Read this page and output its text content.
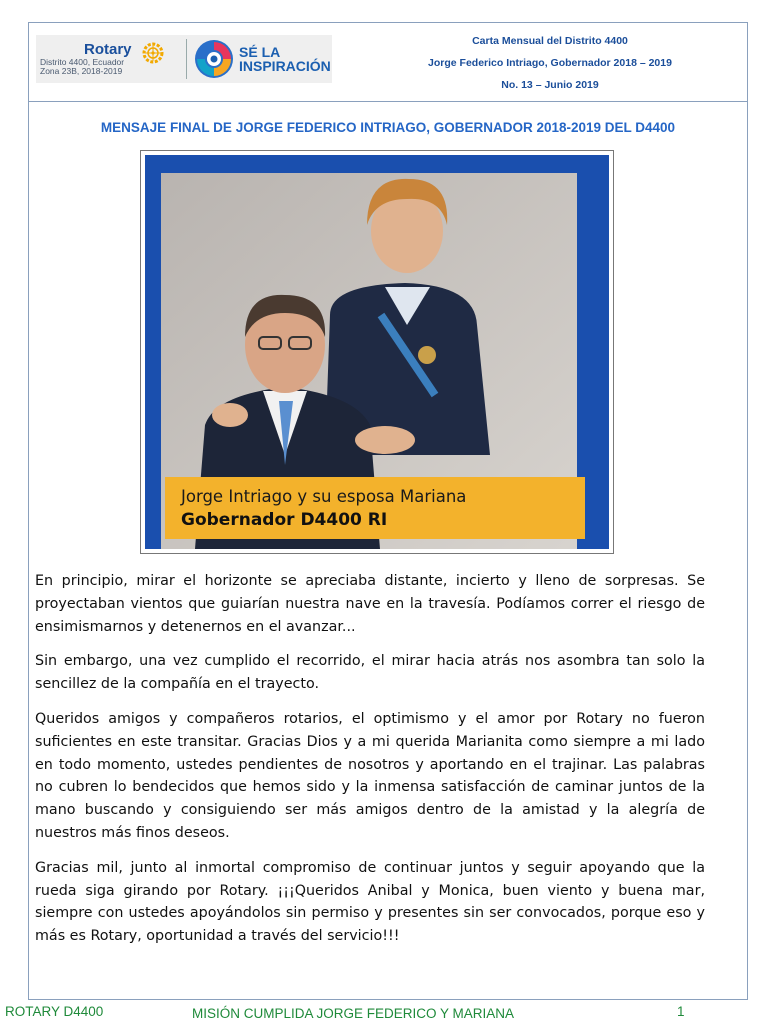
Rotary
Distrito 4400, Ecuador
Zona 23B, 2018-2019
SÉ LA
INSPIRACIÓN
Carta Mensual del Distrito 4400
Jorge Federico Intriago, Gobernador 2018 – 2019
No. 13 – Junio 2019
MENSAJE FINAL DE JORGE FEDERICO INTRIAGO, GOBERNADOR 2018-2019 DEL D4400
Jorge Intriago y su esposa Mariana
Gobernador D4400 RI

En principio, mirar el horizonte se apreciaba distante, incierto y lleno de sorpresas. Se proyectaban vientos que guiarían nuestra nave en la travesía. Podíamos correr el riesgo de ensimismarnos y detenernos en el avanzar...

Sin embargo, una vez cumplido el recorrido, el mirar hacia atrás nos asombra tan solo la sencillez de la compañía en el trayecto.

Queridos amigos y compañeros rotarios, el optimismo y el amor por Rotary no fueron suficientes en este transitar. Gracias Dios y a mi querida Marianita como siempre a mi lado en todo momento, ustedes pendientes de nosotros y aportando en el trajinar. Las palabras no cubren lo bendecidos que hemos sido y la inmensa satisfacción de caminar juntos de la mano buscando y consiguiendo ser más amigos dentro de la amistad y la alegría de nuestros más finos deseos.

Gracias mil, junto al inmortal compromiso de continuar juntos y seguir apoyando que la rueda siga girando por Rotary. ¡¡¡Queridos Anibal y Monica, buen viento y buena mar, siempre con ustedes apoyándolos sin permiso y presentes sin ser convocados, porque eso y más es Rotary, oportunidad a través del servicio!!!

ROTARY D4400	MISIÓN CUMPLIDA JORGE FEDERICO Y MARIANA	1
